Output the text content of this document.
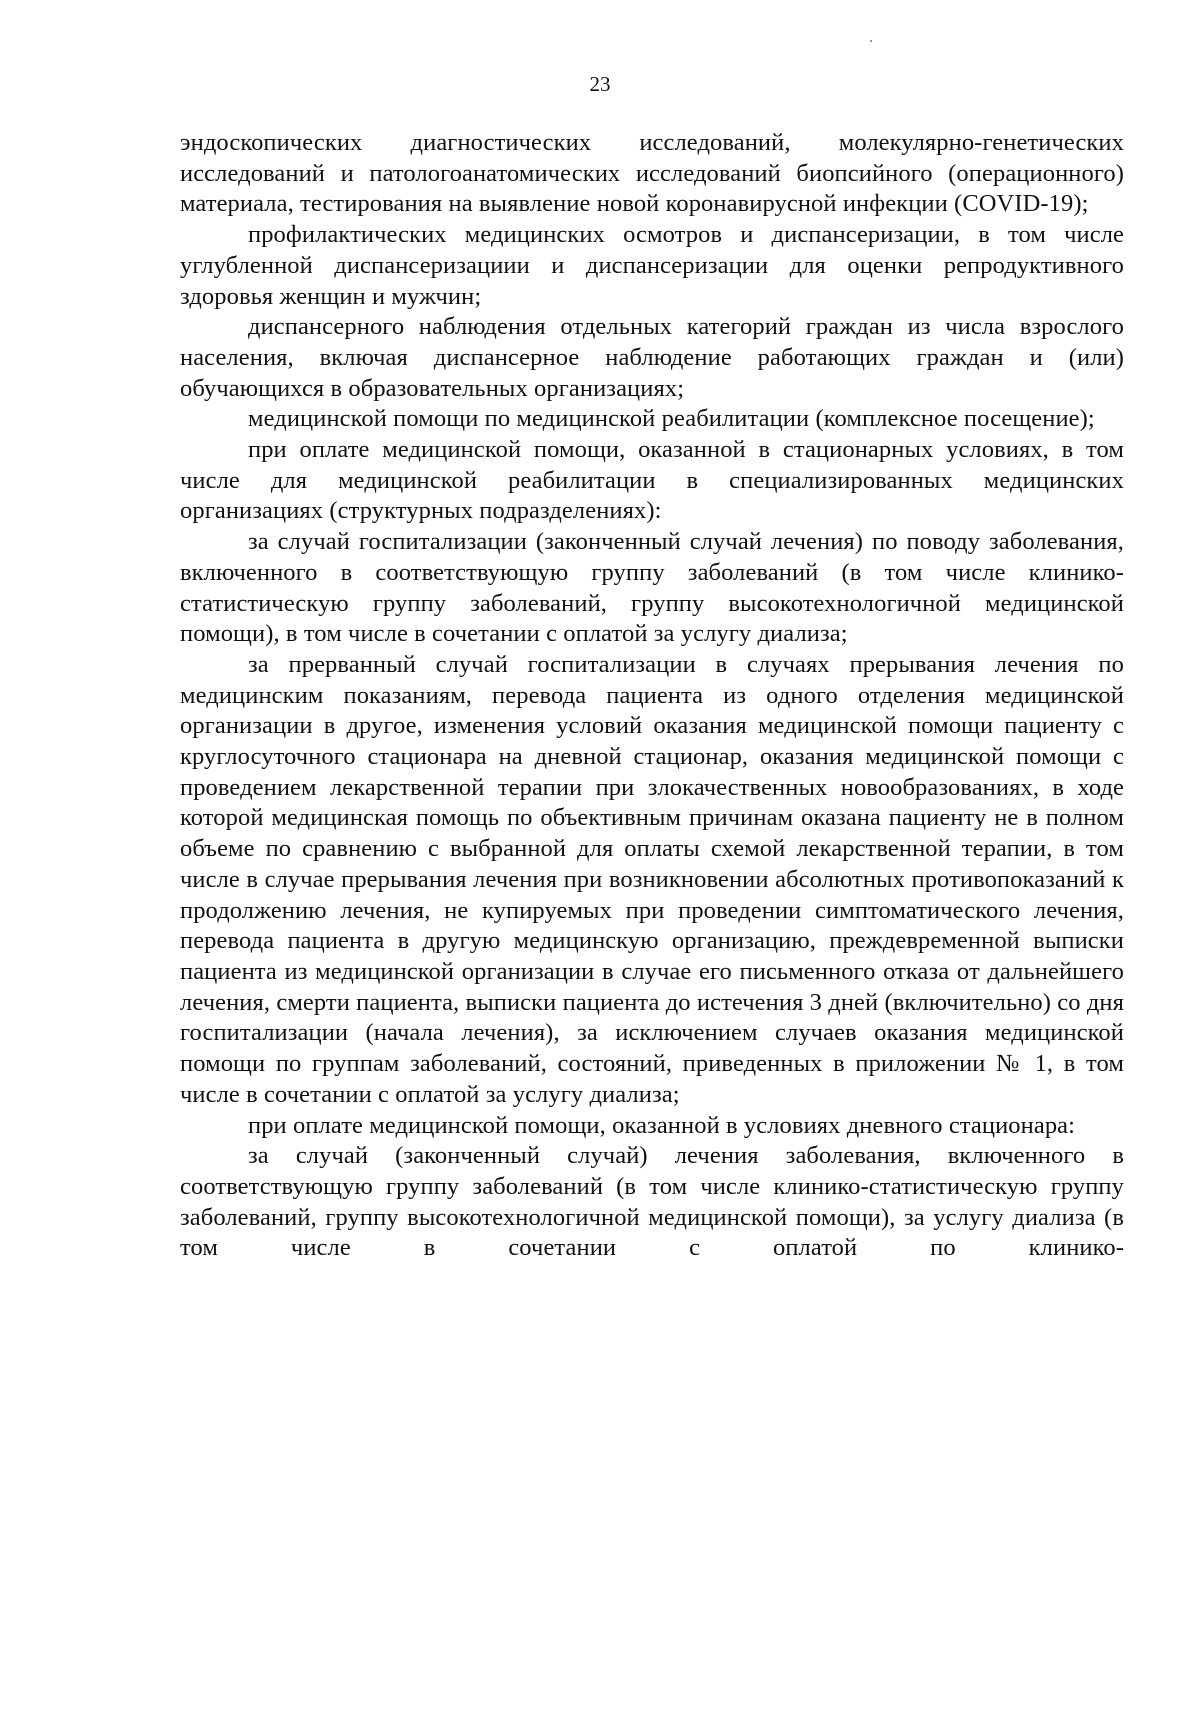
23

эндоскопических диагностических исследований, молекулярно-генетических исследований и патологоанатомических исследований биопсийного (операционного) материала, тестирования на выявление новой коронавирусной инфекции (COVID-19);

профилактических медицинских осмотров и диспансеризации, в том числе углубленной диспансеризациии и диспансеризации для оценки репродуктивного здоровья женщин и мужчин;

диспансерного наблюдения отдельных категорий граждан из числа взрослого населения, включая диспансерное наблюдение работающих граждан и (или) обучающихся в образовательных организациях;

медицинской помощи по медицинской реабилитации (комплексное посещение);

при оплате медицинской помощи, оказанной в стационарных условиях, в том числе для медицинской реабилитации в специализированных медицинских организациях (структурных подразделениях):

за случай госпитализации (законченный случай лечения) по поводу заболевания, включенного в соответствующую группу заболеваний (в том числе клинико-статистическую группу заболеваний, группу высокотехнологичной медицинской помощи), в том числе в сочетании с оплатой за услугу диализа;

за прерванный случай госпитализации в случаях прерывания лечения по медицинским показаниям, перевода пациента из одного отделения медицинской организации в другое, изменения условий оказания медицинской помощи пациенту с круглосуточного стационара на дневной стационар, оказания медицинской помощи с проведением лекарственной терапии при злокачественных новообразованиях, в ходе которой медицинская помощь по объективным причинам оказана пациенту не в полном объеме по сравнению с выбранной для оплаты схемой лекарственной терапии, в том числе в случае прерывания лечения при возникновении абсолютных противопоказаний к продолжению лечения, не купируемых при проведении симптоматического лечения, перевода пациента в другую медицинскую организацию, преждевременной выписки пациента из медицинской организации в случае его письменного отказа от дальнейшего лечения, смерти пациента, выписки пациента до истечения 3 дней (включительно) со дня госпитализации (начала лечения), за исключением случаев оказания медицинской помощи по группам заболеваний, состояний, приведенных в приложении № 1, в том числе в сочетании с оплатой за услугу диализа;

при оплате медицинской помощи, оказанной в условиях дневного стационара:

за случай (законченный случай) лечения заболевания, включенного в соответствующую группу заболеваний (в том числе клинико-статистическую группу заболеваний, группу высокотехнологичной медицинской помощи), за услугу диализа (в том числе в сочетании с оплатой по клинико-
